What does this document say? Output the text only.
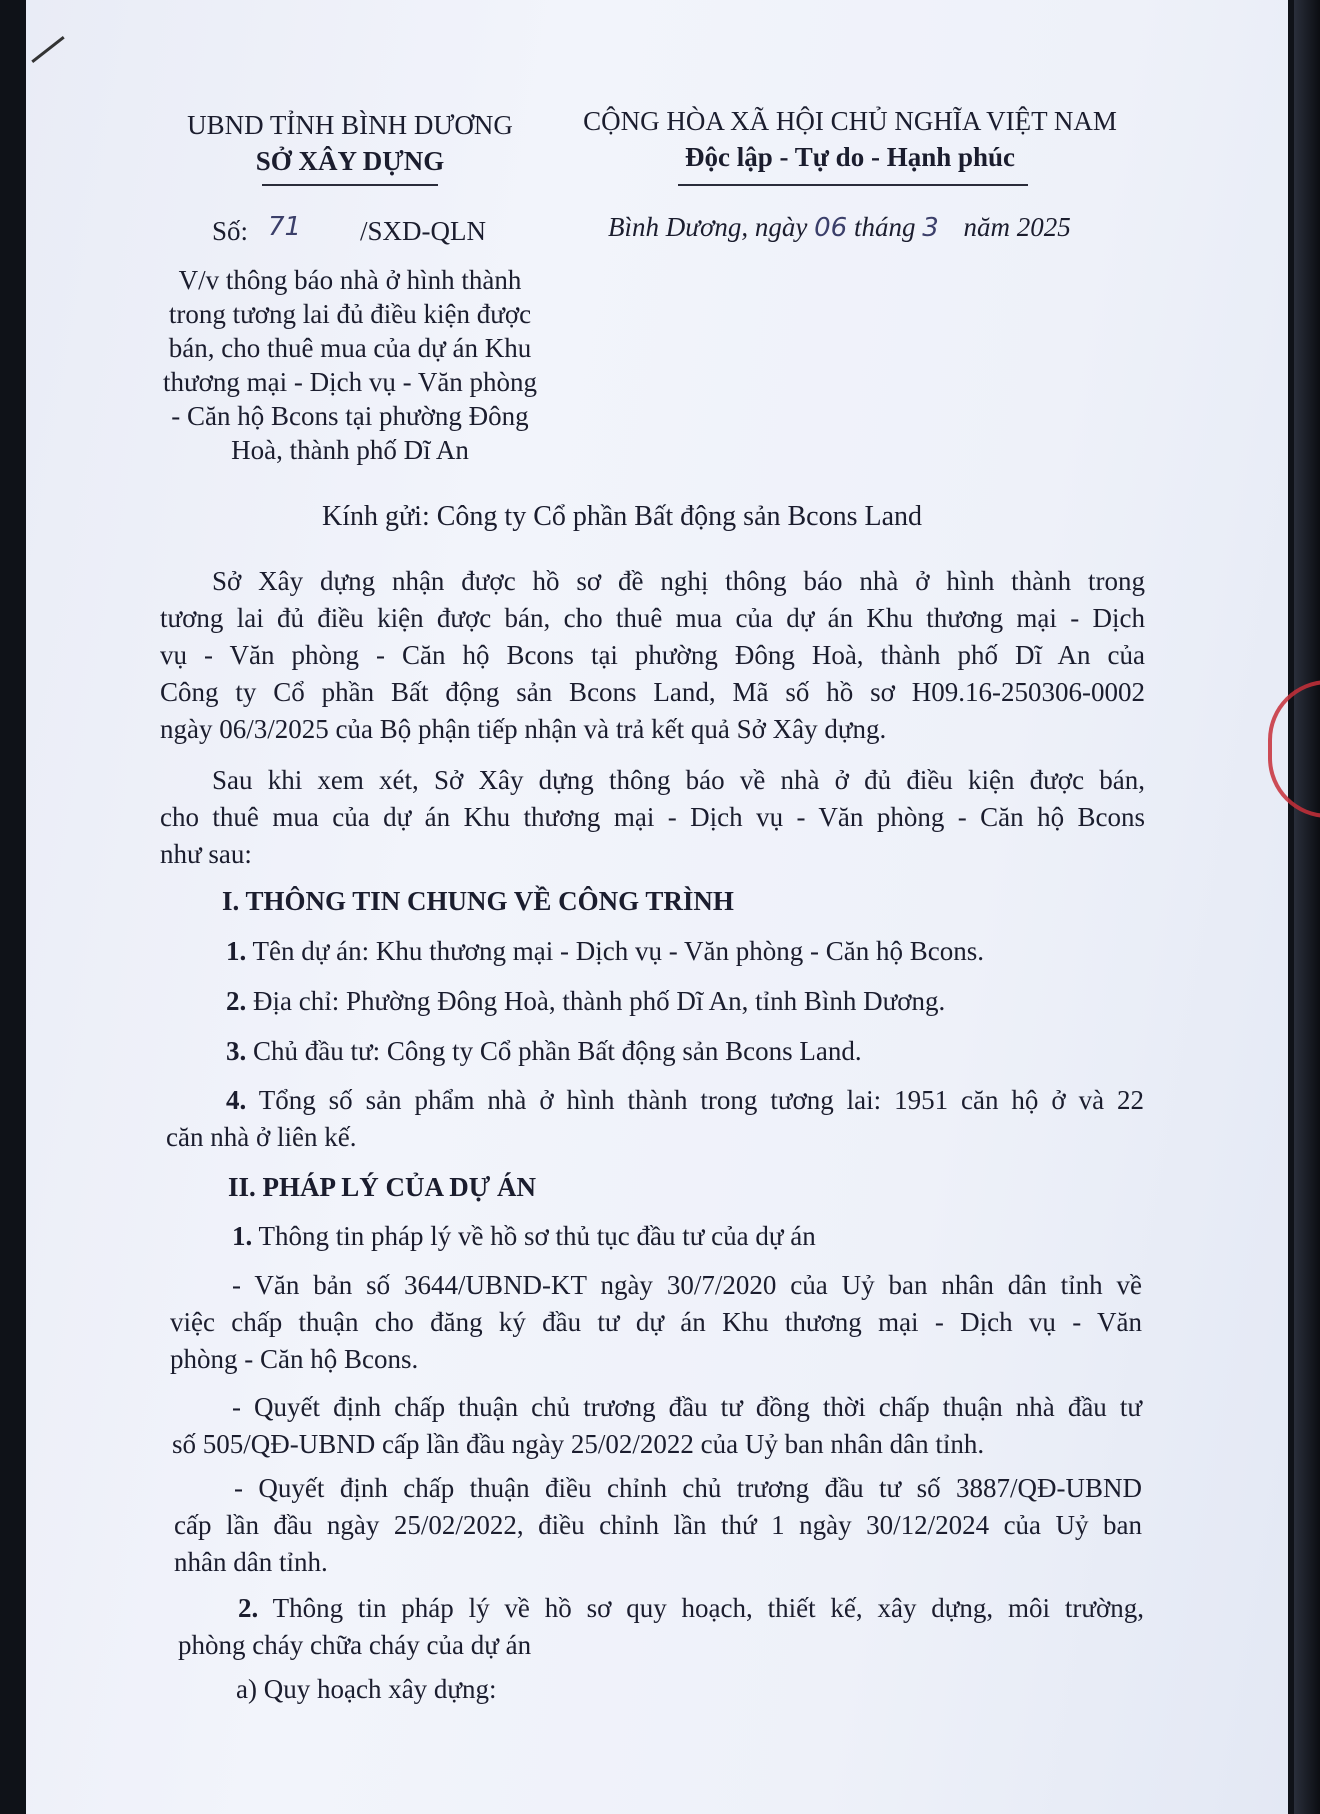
UBND TỈNH BÌNH DƯƠNG
SỞ XÂY DỰNG
CỘNG HÒA XÃ HỘI CHỦ NGHĨA VIỆT NAM
Độc lập - Tự do - Hạnh phúc
Số: 71 /SXD-QLN	Bình Dương, ngày 06 tháng 3 năm 2025
V/v thông báo nhà ở hình thành
trong tương lai đủ điều kiện được
bán, cho thuê mua của dự án Khu
thương mại - Dịch vụ - Văn phòng
- Căn hộ Bcons tại phường Đông
Hoà, thành phố Dĩ An
Kính gửi: Công ty Cổ phần Bất động sản Bcons Land
Sở Xây dựng nhận được hồ sơ đề nghị thông báo nhà ở hình thành trong
tương lai đủ điều kiện được bán, cho thuê mua của dự án Khu thương mại - Dịch
vụ - Văn phòng - Căn hộ Bcons tại phường Đông Hoà, thành phố Dĩ An của
Công ty Cổ phần Bất động sản Bcons Land, Mã số hồ sơ H09.16-250306-0002
ngày 06/3/2025 của Bộ phận tiếp nhận và trả kết quả Sở Xây dựng.
Sau khi xem xét, Sở Xây dựng thông báo về nhà ở đủ điều kiện được bán,
cho thuê mua của dự án Khu thương mại - Dịch vụ - Văn phòng - Căn hộ Bcons
như sau:
I. THÔNG TIN CHUNG VỀ CÔNG TRÌNH
1. Tên dự án: Khu thương mại - Dịch vụ - Văn phòng - Căn hộ Bcons.
2. Địa chỉ: Phường Đông Hoà, thành phố Dĩ An, tỉnh Bình Dương.
3. Chủ đầu tư: Công ty Cổ phần Bất động sản Bcons Land.
4. Tổng số sản phẩm nhà ở hình thành trong tương lai: 1951 căn hộ ở và 22
căn nhà ở liên kế.
II. PHÁP LÝ CỦA DỰ ÁN
1. Thông tin pháp lý về hồ sơ thủ tục đầu tư của dự án
- Văn bản số 3644/UBND-KT ngày 30/7/2020 của Uỷ ban nhân dân tỉnh về
việc chấp thuận cho đăng ký đầu tư dự án Khu thương mại - Dịch vụ - Văn
phòng - Căn hộ Bcons.
- Quyết định chấp thuận chủ trương đầu tư đồng thời chấp thuận nhà đầu tư
số 505/QĐ-UBND cấp lần đầu ngày 25/02/2022 của Uỷ ban nhân dân tỉnh.
- Quyết định chấp thuận điều chỉnh chủ trương đầu tư số 3887/QĐ-UBND
cấp lần đầu ngày 25/02/2022, điều chỉnh lần thứ 1 ngày 30/12/2024 của Uỷ ban
nhân dân tỉnh.
2. Thông tin pháp lý về hồ sơ quy hoạch, thiết kế, xây dựng, môi trường,
phòng cháy chữa cháy của dự án
a) Quy hoạch xây dựng:
